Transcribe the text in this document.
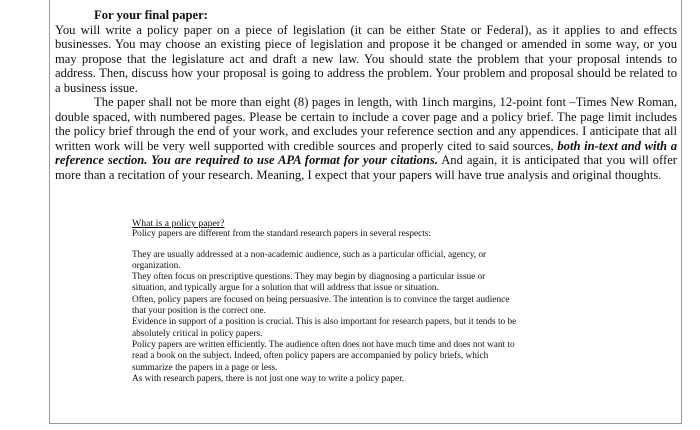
For your final paper:

You will write a policy paper on a piece of legislation (it can be either State or Federal), as it applies to and effects businesses. You may choose an existing piece of legislation and propose it be changed or amended in some way, or you may propose that the legislature act and draft a new law. You should state the problem that your proposal intends to address. Then, discuss how your proposal is going to address the problem. Your problem and proposal should be related to a business issue.

The paper shall not be more than eight (8) pages in length, with 1inch margins, 12-point font –Times New Roman, double spaced, with numbered pages. Please be certain to include a cover page and a policy brief. The page limit includes the policy brief through the end of your work, and excludes your reference section and any appendices. I anticipate that all written work will be very well supported with credible sources and properly cited to said sources, both in-text and with a reference section. You are required to use APA format for your citations. And again, it is anticipated that you will offer more than a recitation of your research. Meaning, I expect that your papers will have true analysis and original thoughts.

What is a policy paper?

Policy papers are different from the standard research papers in several respects:

They are usually addressed at a non-academic audience, such as a particular official, agency, or organization.

They often focus on prescriptive questions. They may begin by diagnosing a particular issue or situation, and typically argue for a solution that will address that issue or situation.

Often, policy papers are focused on being persuasive. The intention is to convince the target audience that your position is the correct one.

Evidence in support of a position is crucial. This is also important for research papers, but it tends to be absolutely critical in policy papers.

Policy papers are written efficiently. The audience often does not have much time and does not want to read a book on the subject. Indeed, often policy papers are accompanied by policy briefs, which summarize the papers in a page or less.

As with research papers, there is not just one way to write a policy paper.
